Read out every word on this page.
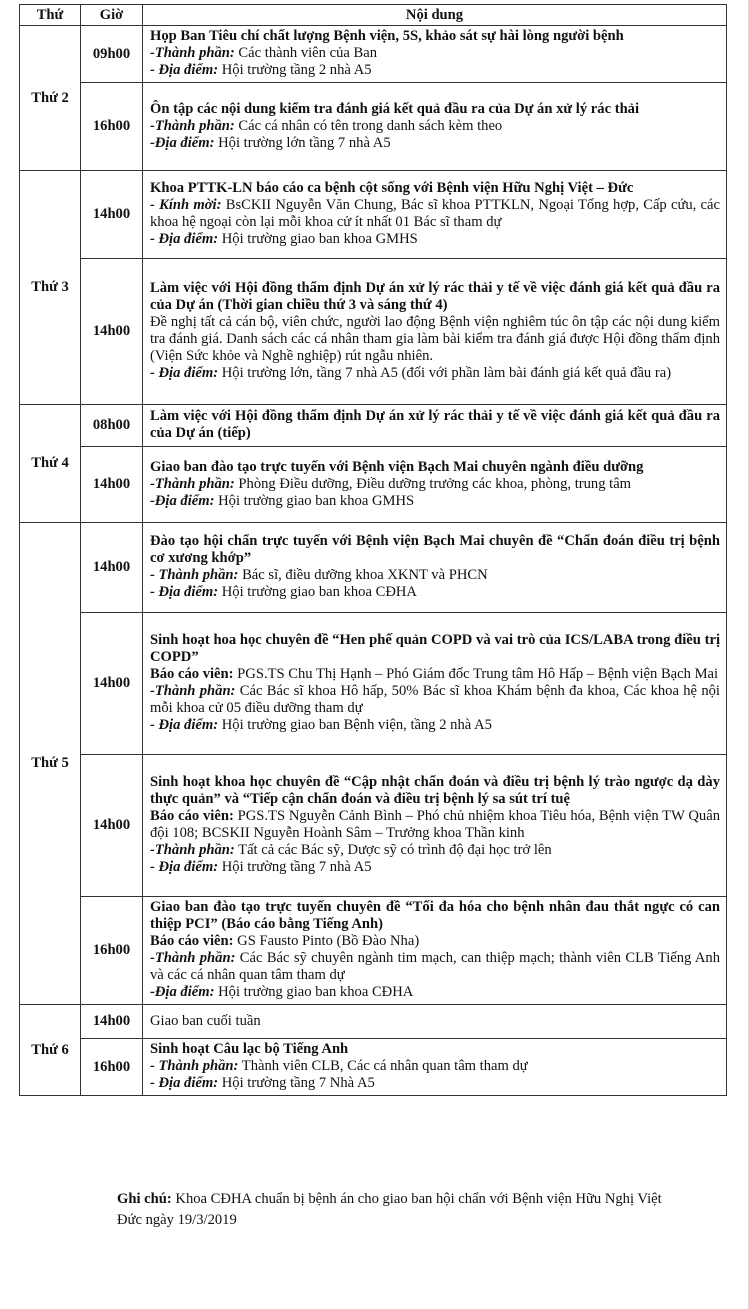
Thứ	Giờ	Nội dung
Thứ 2	09h00	Họp Ban Tiêu chí chất lượng Bệnh viện, 5S, khảo sát sự hài lòng người bệnh
-Thành phần: Các thành viên của Ban
- Địa điểm: Hội trường tầng 2 nhà A5

	16h00	Ôn tập các nội dung kiểm tra đánh giá kết quả đầu ra của Dự án xử lý rác thải
-Thành phần: Các cá nhân có tên trong danh sách kèm theo
-Địa điểm: Hội trường lớn tầng 7 nhà A5

Thứ 3	14h00	Khoa PTTK-LN báo cáo ca bệnh cột sống với Bệnh viện Hữu Nghị Việt – Đức
- Kính mời: BsCKII Nguyễn Văn Chung, Bác sĩ khoa PTTKLN, Ngoại Tổng hợp, Cấp cứu, các khoa hệ ngoại còn lại mỗi khoa cử ít nhất 01 Bác sĩ tham dự
- Địa điểm: Hội trường giao ban khoa GMHS

	14h00	Làm việc với Hội đồng thẩm định Dự án xử lý rác thải y tế về việc đánh giá kết quả đầu ra của Dự án (Thời gian chiều thứ 3 và sáng thứ 4)
Đề nghị tất cả cán bộ, viên chức, người lao động Bệnh viện nghiêm túc ôn tập các nội dung kiểm tra đánh giá. Danh sách các cá nhân tham gia làm bài kiểm tra đánh giá được Hội đồng thẩm định (Viện Sức khỏe và Nghề nghiệp) rút ngẫu nhiên.
- Địa điểm: Hội trường lớn, tầng 7 nhà A5 (đối với phần làm bài đánh giá kết quả đầu ra)

Thứ 4	08h00	Làm việc với Hội đồng thẩm định Dự án xử lý rác thải y tế về việc đánh giá kết quả đầu ra của Dự án (tiếp)

	14h00	Giao ban đào tạo trực tuyến với Bệnh viện Bạch Mai chuyên ngành điều dưỡng
-Thành phần: Phòng Điều dưỡng, Điều dưỡng trưởng các khoa, phòng, trung tâm
-Địa điểm: Hội trường giao ban khoa GMHS

Thứ 5	14h00	Đào tạo hội chẩn trực tuyến với Bệnh viện Bạch Mai chuyên đề “Chẩn đoán điều trị bệnh cơ xương khớp”
- Thành phần: Bác sĩ, điều dưỡng khoa XKNT và PHCN
- Địa điểm: Hội trường giao ban khoa CĐHA

	14h00	Sinh hoạt hoa học chuyên đề “Hen phế quản COPD và vai trò của ICS/LABA trong điều trị COPD”
Báo cáo viên: PGS.TS Chu Thị Hạnh – Phó Giám đốc Trung tâm Hô Hấp – Bệnh viện Bạch Mai
-Thành phần: Các Bác sĩ khoa Hô hấp, 50% Bác sĩ khoa Khám bệnh đa khoa, Các khoa hệ nội mỗi khoa cử 05 điều dưỡng tham dự
- Địa điểm: Hội trường giao ban Bệnh viện, tầng 2 nhà A5

	14h00	Sinh hoạt khoa học chuyên đề “Cập nhật chẩn đoán và điều trị bệnh lý trào ngược dạ dày thực quản” và “Tiếp cận chẩn đoán và điều trị bệnh lý sa sút trí tuệ
Báo cáo viên: PGS.TS Nguyễn Cảnh Bình – Phó chủ nhiệm khoa Tiêu hóa, Bệnh viện TW Quân đội 108; BCSKII Nguyễn Hoành Sâm – Trưởng khoa Thần kinh
-Thành phần: Tất cả các Bác sỹ, Dược sỹ có trình độ đại học trở lên
- Địa điểm: Hội trường tầng 7 nhà A5

	16h00	Giao ban đào tạo trực tuyến chuyên đề “Tối đa hóa cho bệnh nhân đau thắt ngực có can thiệp PCI” (Báo cáo bằng Tiếng Anh)
Báo cáo viên: GS Fausto Pinto (Bồ Đào Nha)
-Thành phần: Các Bác sỹ chuyên ngành tim mạch, can thiệp mạch; thành viên CLB Tiếng Anh và các cá nhân quan tâm tham dự
-Địa điểm: Hội trường giao ban khoa CĐHA

Thứ 6	14h00	Giao ban cuối tuần

	16h00	Sinh hoạt Câu lạc bộ Tiếng Anh
- Thành phần: Thành viên CLB, Các cá nhân quan tâm tham dự
- Địa điểm: Hội trường tầng 7 Nhà A5
Ghi chú: Khoa CĐHA chuẩn bị bệnh án cho giao ban hội chẩn với Bệnh viện Hữu Nghị Việt Đức ngày 19/3/2019
